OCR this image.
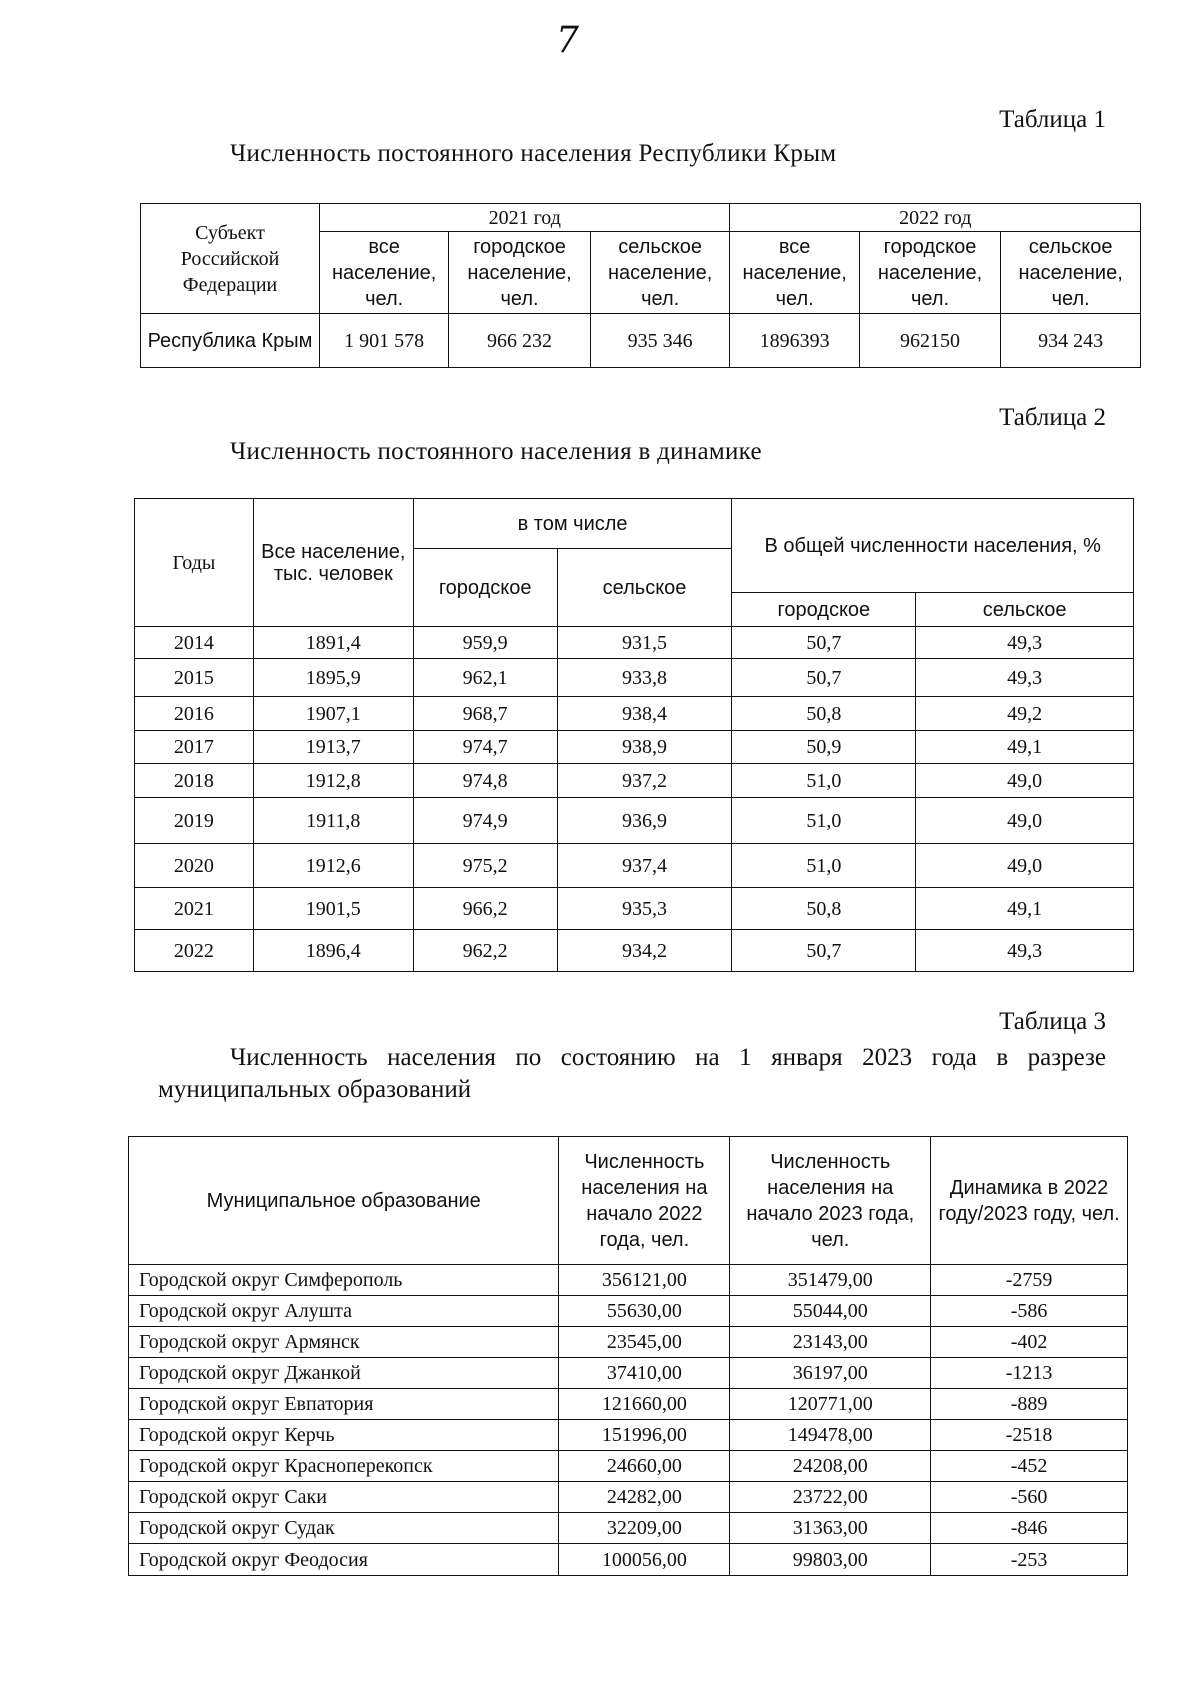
7
Таблица 1
Численность постоянного населения Республики Крым
Субъект Российской Федерации	2021 год			2022 год		
	все население, чел.	городское население, чел.	сельское население, чел.	все население, чел.	городское население, чел.	сельское население, чел.
Республика Крым	1 901 578	966 232	935 346	1896393	962150	934 243
Таблица 2
Численность постоянного населения в динамике
Годы	Все население, тыс. человек	в том числе		В общей численности населения, %	
		городское	сельское		
				городское	сельское
2014	1891,4	959,9	931,5	50,7	49,3
2015	1895,9	962,1	933,8	50,7	49,3
2016	1907,1	968,7	938,4	50,8	49,2
2017	1913,7	974,7	938,9	50,9	49,1
2018	1912,8	974,8	937,2	51,0	49,0
2019	1911,8	974,9	936,9	51,0	49,0
2020	1912,6	975,2	937,4	51,0	49,0
2021	1901,5	966,2	935,3	50,8	49,1
2022	1896,4	962,2	934,2	50,7	49,3
Таблица 3
Численность населения по состоянию на 1 января 2023 года в разрезе
муниципальных образований
Муниципальное образование	Численность населения на начало 2022 года, чел.	Численность населения на начало 2023 года, чел.	Динамика в 2022 году/2023 году, чел.
Городской округ Симферополь	356121,00	351479,00	-2759
Городской округ Алушта	55630,00	55044,00	-586
Городской округ Армянск	23545,00	23143,00	-402
Городской округ Джанкой	37410,00	36197,00	-1213
Городской округ Евпатория	121660,00	120771,00	-889
Городской округ Керчь	151996,00	149478,00	-2518
Городской округ Красноперекопск	24660,00	24208,00	-452
Городской округ Саки	24282,00	23722,00	-560
Городской округ Судак	32209,00	31363,00	-846
Городской округ Феодосия	100056,00	99803,00	-253
